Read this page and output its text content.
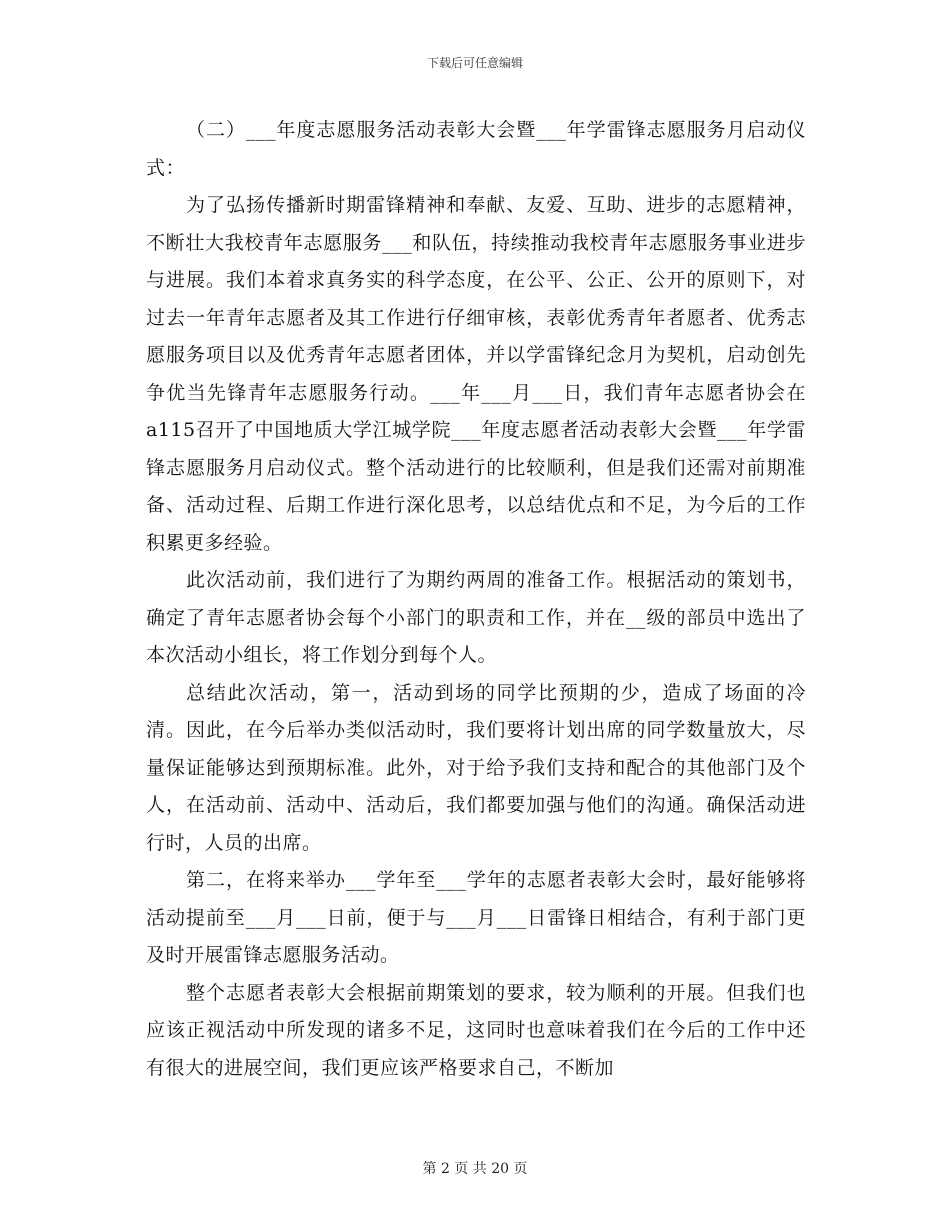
下载后可任意编辑

（二）___年度志愿服务活动表彰大会暨___年学雷锋志愿服务月启动仪式：

为了弘扬传播新时期雷锋精神和奉献、友爱、互助、进步的志愿精神，不断壮大我校青年志愿服务___和队伍，持续推动我校青年志愿服务事业进步与进展。我们本着求真务实的科学态度，在公平、公正、公开的原则下，对过去一年青年志愿者及其工作进行仔细审核，表彰优秀青年者愿者、优秀志愿服务项目以及优秀青年志愿者团体，并以学雷锋纪念月为契机，启动创先争优当先锋青年志愿服务行动。___年___月___日，我们青年志愿者协会在a115召开了中国地质大学江城学院___年度志愿者活动表彰大会暨___年学雷锋志愿服务月启动仪式。整个活动进行的比较顺利，但是我们还需对前期准备、活动过程、后期工作进行深化思考，以总结优点和不足，为今后的工作积累更多经验。

此次活动前，我们进行了为期约两周的准备工作。根据活动的策划书，确定了青年志愿者协会每个小部门的职责和工作，并在__级的部员中选出了本次活动小组长，将工作划分到每个人。

总结此次活动，第一，活动到场的同学比预期的少，造成了场面的冷清。因此，在今后举办类似活动时，我们要将计划出席的同学数量放大，尽量保证能够达到预期标准。此外，对于给予我们支持和配合的其他部门及个人，在活动前、活动中、活动后，我们都要加强与他们的沟通。确保活动进行时，人员的出席。

第二，在将来举办___学年至___学年的志愿者表彰大会时，最好能够将活动提前至___月___日前，便于与___月___日雷锋日相结合，有利于部门更及时开展雷锋志愿服务活动。

整个志愿者表彰大会根据前期策划的要求，较为顺利的开展。但我们也应该正视活动中所发现的诸多不足，这同时也意味着我们在今后的工作中还有很大的进展空间，我们更应该严格要求自己，不断加

第 2 页 共 20 页
